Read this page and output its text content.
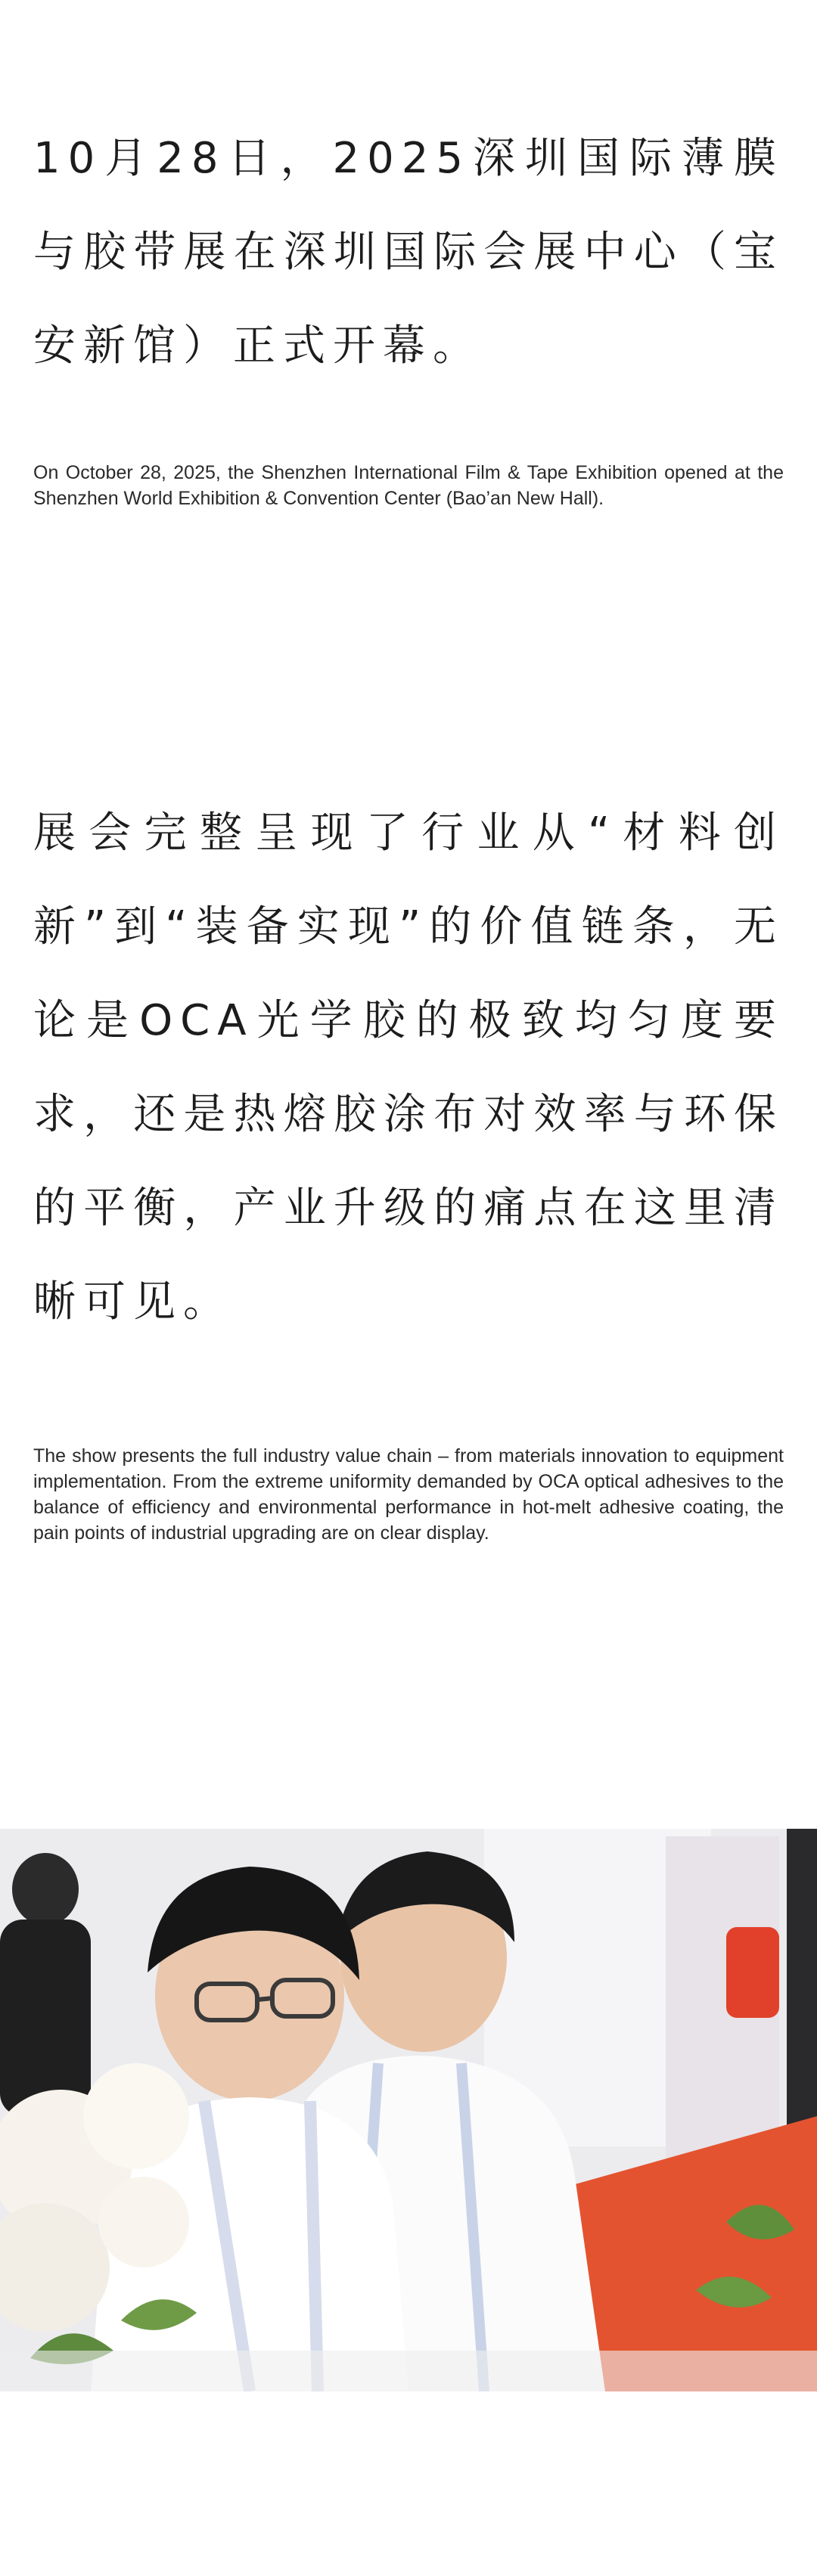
10月28日，2025深圳国际薄膜与胶带展在深圳国际会展中心（宝安新馆）正式开幕。

On October 28, 2025, the Shenzhen International Film & Tape Exhibition opened at the Shenzhen World Exhibition & Convention Center (Bao’an New Hall).

展会完整呈现了行业从“材料创新”到“装备实现”的价值链条，无论是OCA光学胶的极致均匀度要求，还是热熔胶涂布对效率与环保的平衡，产业升级的痛点在这里清晰可见。

The show presents the full industry value chain – from materials innovation to equipment implementation. From the extreme uniformity demanded by OCA optical adhesives to the balance of efficiency and environmental performance in hot-melt adhesive coating, the pain points of industrial upgrading are on clear display.
